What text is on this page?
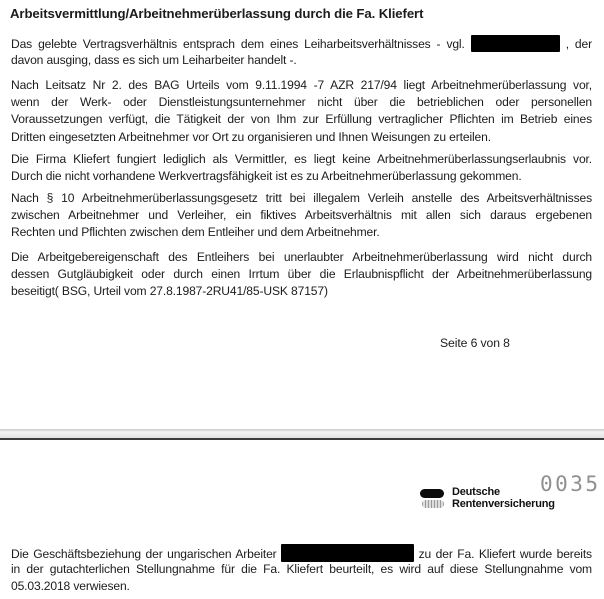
Arbeitsvermittlung/Arbeitnehmerüberlassung durch die Fa. Kliefert
Das gelebte Vertragsverhältnis entsprach dem eines Leiharbeitsverhältnisses - vgl.	, der
davon ausging, dass es sich um Leiharbeiter handelt -.
Nach Leitsatz Nr 2. des BAG Urteils vom 9.11.1994 -7 AZR 217/94 liegt Arbeitnehmerüberlassung vor,
wenn der Werk- oder Dienstleistungsunternehmer nicht über die betrieblichen oder personellen
Voraussetzungen verfügt, die Tätigkeit der von Ihm zur Erfüllung vertraglicher Pflichten im Betrieb eines
Dritten eingesetzten Arbeitnehmer vor Ort zu organisieren und Ihnen Weisungen zu erteilen.
Die Firma Kliefert fungiert lediglich als Vermittler, es liegt keine Arbeitnehmerüberlassungserlaubnis vor.
Durch die nicht vorhandene Werkvertragsfähigkeit ist es zu Arbeitnehmerüberlassung gekommen.
Nach § 10 Arbeitnehmerüberlassungsgesetz tritt bei illegalem Verleih anstelle des Arbeitsverhältnisses
zwischen Arbeitnehmer und Verleiher, ein fiktives Arbeitsverhältnis mit allen sich daraus ergebenen
Rechten und Pflichten zwischen dem Entleiher und dem Arbeitnehmer.
Die Arbeitgebereigenschaft des Entleihers bei unerlaubter Arbeitnehmerüberlassung wird nicht durch
dessen Gutgläubigkeit oder durch einen Irrtum über die Erlaubnispflicht der Arbeitnehmerüberlassung
beseitigt( BSG, Urteil vom 27.8.1987-2RU41/85-USK 87157)
Die Geschäftsbeziehung der ungarischen Arbeiter	zu der Fa. Kliefert wurde bereits
in der gutachterlichen Stellungnahme für die Fa. Kliefert beurteilt, es wird auf diese Stellungnahme vom
05.03.2018 verwiesen.
Seite 6 von 8
0035
Deutsche
Rentenversicherung
